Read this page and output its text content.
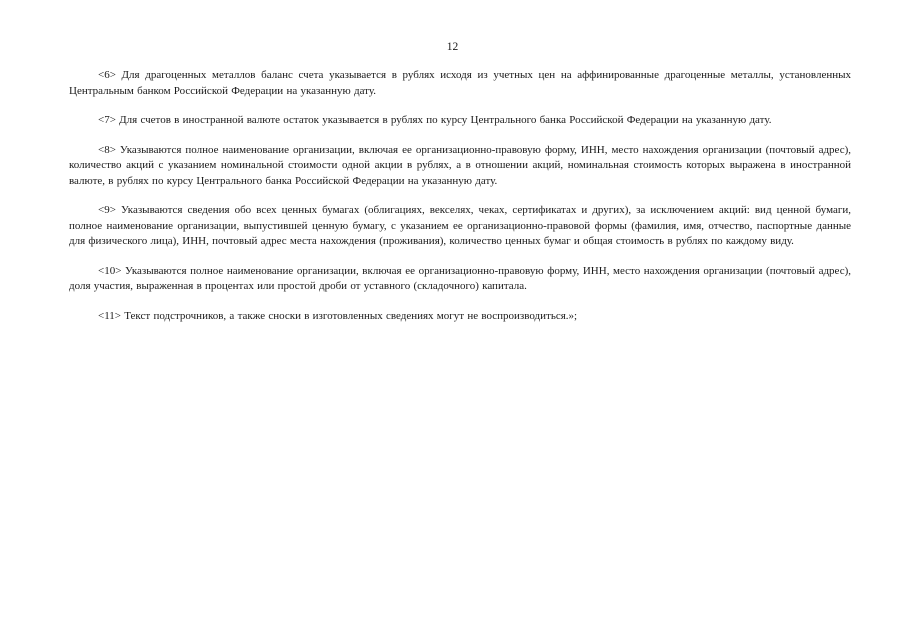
12

<6> Для драгоценных металлов баланс счета указывается в рублях исходя из учетных цен на аффинированные драгоценные металлы, установленных Центральным банком Российской Федерации на указанную дату.

<7> Для счетов в иностранной валюте остаток указывается в рублях по курсу Центрального банка Российской Федерации на указанную дату.

<8> Указываются полное наименование организации, включая ее организационно-правовую форму, ИНН, место нахождения организации (почтовый адрес), количество акций с указанием номинальной стоимости одной акции в рублях, а в отношении акций, номинальная стоимость которых выражена в иностранной валюте, в рублях по курсу Центрального банка Российской Федерации на указанную дату.

<9> Указываются сведения обо всех ценных бумагах (облигациях, векселях, чеках, сертификатах и других), за исключением акций: вид ценной бумаги, полное наименование организации, выпустившей ценную бумагу, с указанием ее организационно-правовой формы (фамилия, имя, отчество, паспортные данные для физического лица), ИНН, почтовый адрес места нахождения (проживания), количество ценных бумаг и общая стоимость в рублях по каждому виду.

<10> Указываются полное наименование организации, включая ее организационно-правовую форму, ИНН, место нахождения организации (почтовый адрес), доля участия, выраженная в процентах или простой дроби от уставного (складочного) капитала.

<11> Текст подстрочников, а также сноски в изготовленных сведениях могут не воспроизводиться.»;
